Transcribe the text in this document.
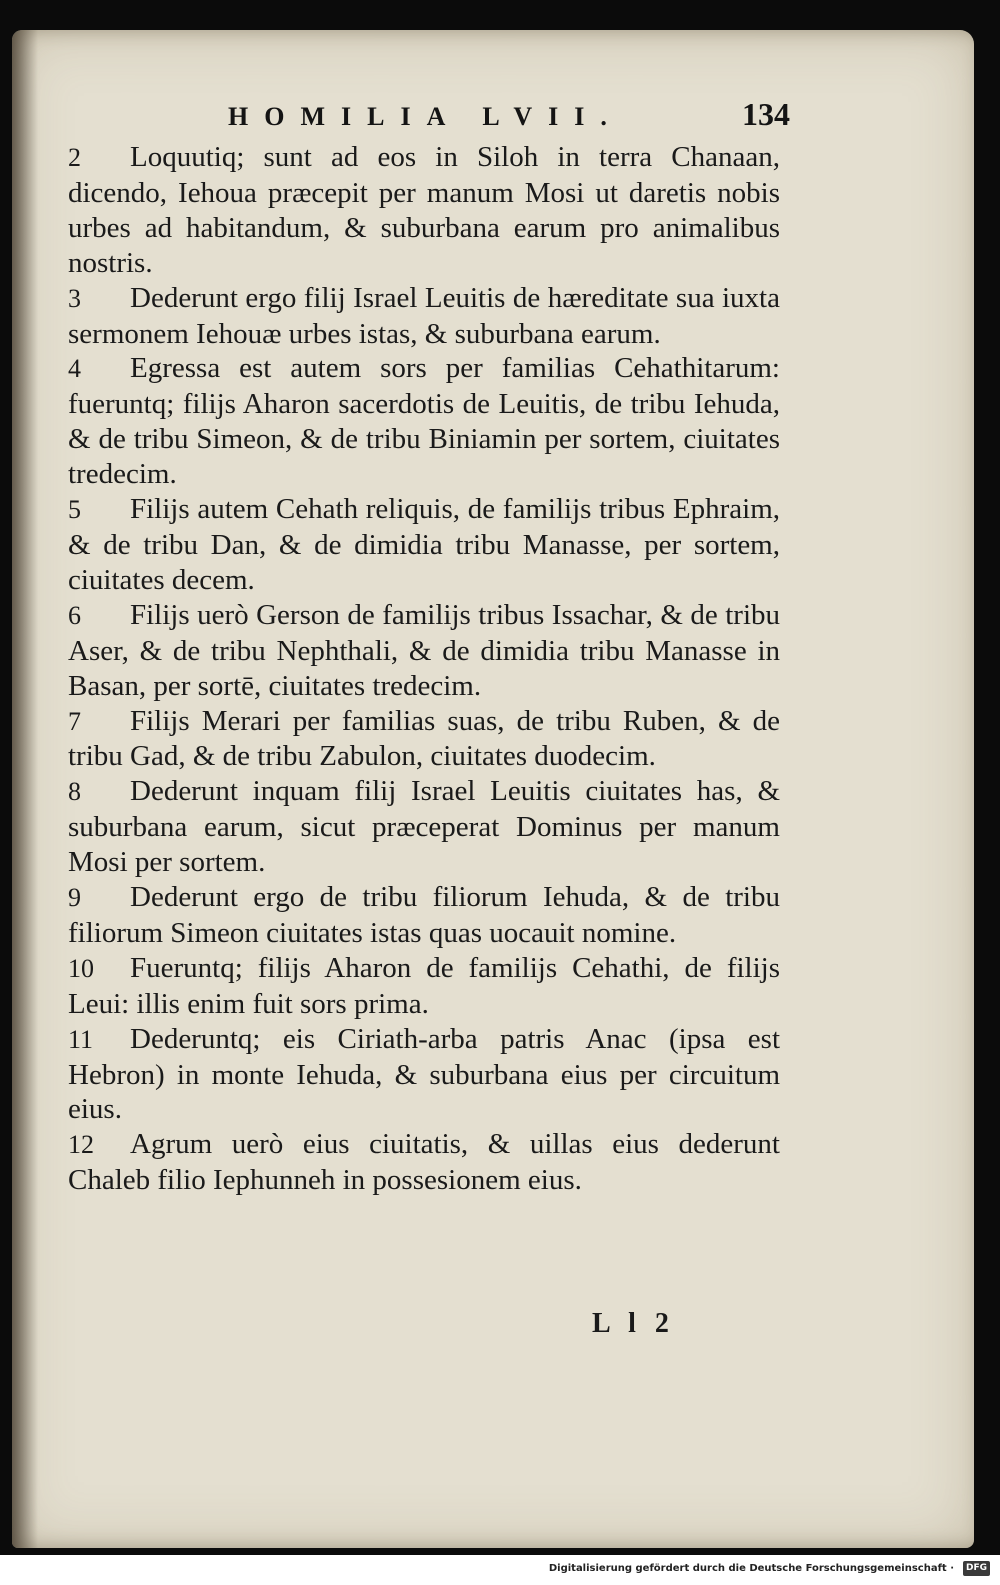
HOMILIA LVII.	134
2 Loquutiq; sunt ad eos in Siloh in terra Chanaan, dicendo, Iehoua præcepit per manum Mosi ut daretis nobis urbes ad habitandum, & suburbana earum pro animalibus nostris.
3 Dederunt ergo filij Israel Leuitis de hæreditate sua iuxta sermonem Iehouæ urbes istas, & suburbana earum.
4 Egressa est autem sors per familias Cehathitarum: fueruntq; filijs Aharon sacerdotis de Leuitis, de tribu Iehuda, & de tribu Simeon, & de tribu Biniamin per sortem, ciuitates tredecim.
5 Filijs autem Cehath reliquis, de familijs tribus Ephraim, & de tribu Dan, & de dimidia tribu Manasse, per sortem, ciuitates decem.
6 Filijs uerò Gerson de familijs tribus Issachar, & de tribu Aser, & de tribu Nephthali, & de dimidia tribu Manasse in Basan, per sortē, ciuitates tredecim.
7 Filijs Merari per familias suas, de tribu Ruben, & de tribu Gad, & de tribu Zabulon, ciuitates duodecim.
8 Dederunt inquam filij Israel Leuitis ciuitates has, & suburbana earum, sicut præceperat Dominus per manum Mosi per sortem.
9 Dederunt ergo de tribu filiorum Iehuda, & de tribu filiorum Simeon ciuitates istas quas uocauit nomine.
10 Fueruntq; filijs Aharon de familijs Cehathi, de filijs Leui: illis enim fuit sors prima.
11 Dederuntq; eis Ciriath-arba patris Anac (ipsa est Hebron) in monte Iehuda, & suburbana eius per circuitum eius.
12 Agrum uerò eius ciuitatis, & uillas eius dederunt Chaleb filio Iephunneh in possesionem eius.
L l 2
Digitalisierung gefördert durch die Deutsche Forschungsgemeinschaft ·	DFG
